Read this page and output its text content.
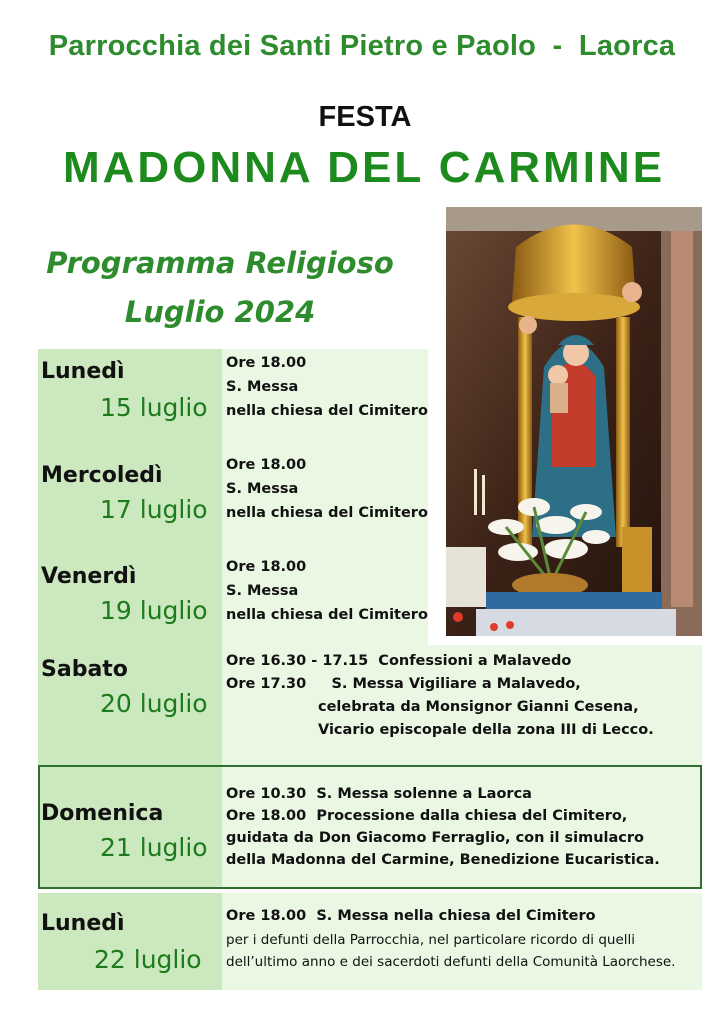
Parrocchia dei Santi Pietro e Paolo  -  Laorca
FESTA
MADONNA DEL CARMINE
Programma Religioso
Luglio 2024
Lunedì
15 luglio
Ore 18.00
S. Messa
nella chiesa del Cimitero
Mercoledì
17 luglio
Ore 18.00
S. Messa
nella chiesa del Cimitero
Venerdì
19 luglio
Ore 18.00
S. Messa
nella chiesa del Cimitero
Sabato
20 luglio
Ore 16.30 - 17.15  Confessioni a Malavedo
Ore 17.30     S. Messa Vigiliare a Malavedo,
celebrata da Monsignor Gianni Cesena,
Vicario episcopale della zona III di Lecco.
Domenica
21 luglio
Ore 10.30  S. Messa solenne a Laorca
Ore 18.00  Processione dalla chiesa del Cimitero,
guidata da Don Giacomo Ferraglio, con il simulacro
della Madonna del Carmine, Benedizione Eucaristica.
Lunedì
22 luglio
Ore 18.00  S. Messa nella chiesa del Cimitero
per i defunti della Parrocchia, nel particolare ricordo di quelli
dell’ultimo anno e dei sacerdoti defunti della Comunità Laorchese.
